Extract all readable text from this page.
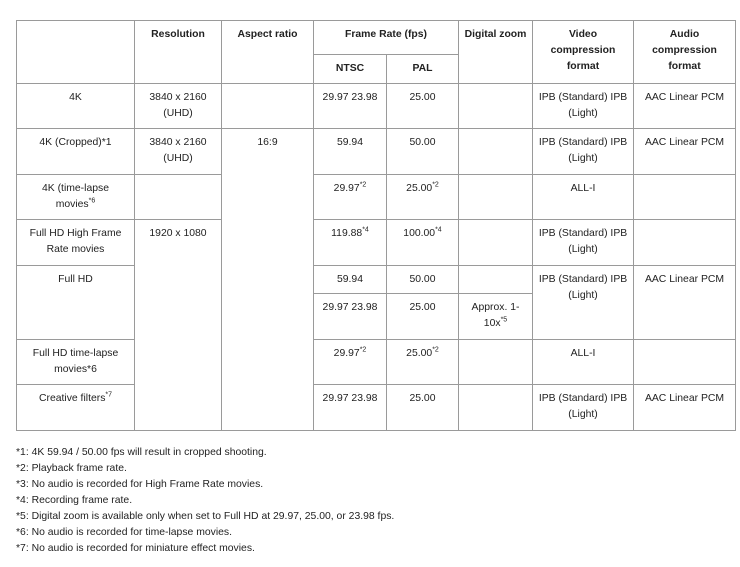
	Resolution	Aspect ratio	Frame Rate (fps)		Digital zoom	Video compression format	Audio compression format
			NTSC	PAL			
4K	3840 x 2160 (UHD)		29.97 23.98	25.00		IPB (Standard) IPB (Light)	AAC Linear PCM
4K (Cropped)*1	3840 x 2160 (UHD)	16:9	59.94	50.00		IPB (Standard) IPB (Light)	AAC Linear PCM
4K (time-lapse movies$^{*6}$			29.97$^{*2}$	25.00$^{*2}$		ALL-I	
Full HD High Frame Rate movies	1920 x 1080		119.88$^{*4}$	100.00$^{*4}$		IPB (Standard) IPB (Light)	
Full HD			59.94	50.00		IPB (Standard) IPB (Light)	AAC Linear PCM
			29.97 23.98	25.00	Approx. $1-10x^{*5}$
Full HD time-lapse movies*6			29.97$^{*2}$	25.00$^{*2}$		ALL-I	
Creative filters$^{*7}$			29.97 23.98	25.00		IPB (Standard) IPB (Light)	AAC Linear PCM
*1: 4K 59.94 / 50.00 fps will result in cropped shooting.
*2: Playback frame rate.
*3: No audio is recorded for High Frame Rate movies.
*4: Recording frame rate.
*5: Digital zoom is available only when set to Full HD at 29.97, 25.00, or 23.98 fps.
*6: No audio is recorded for time-lapse movies.
*7: No audio is recorded for miniature effect movies.
